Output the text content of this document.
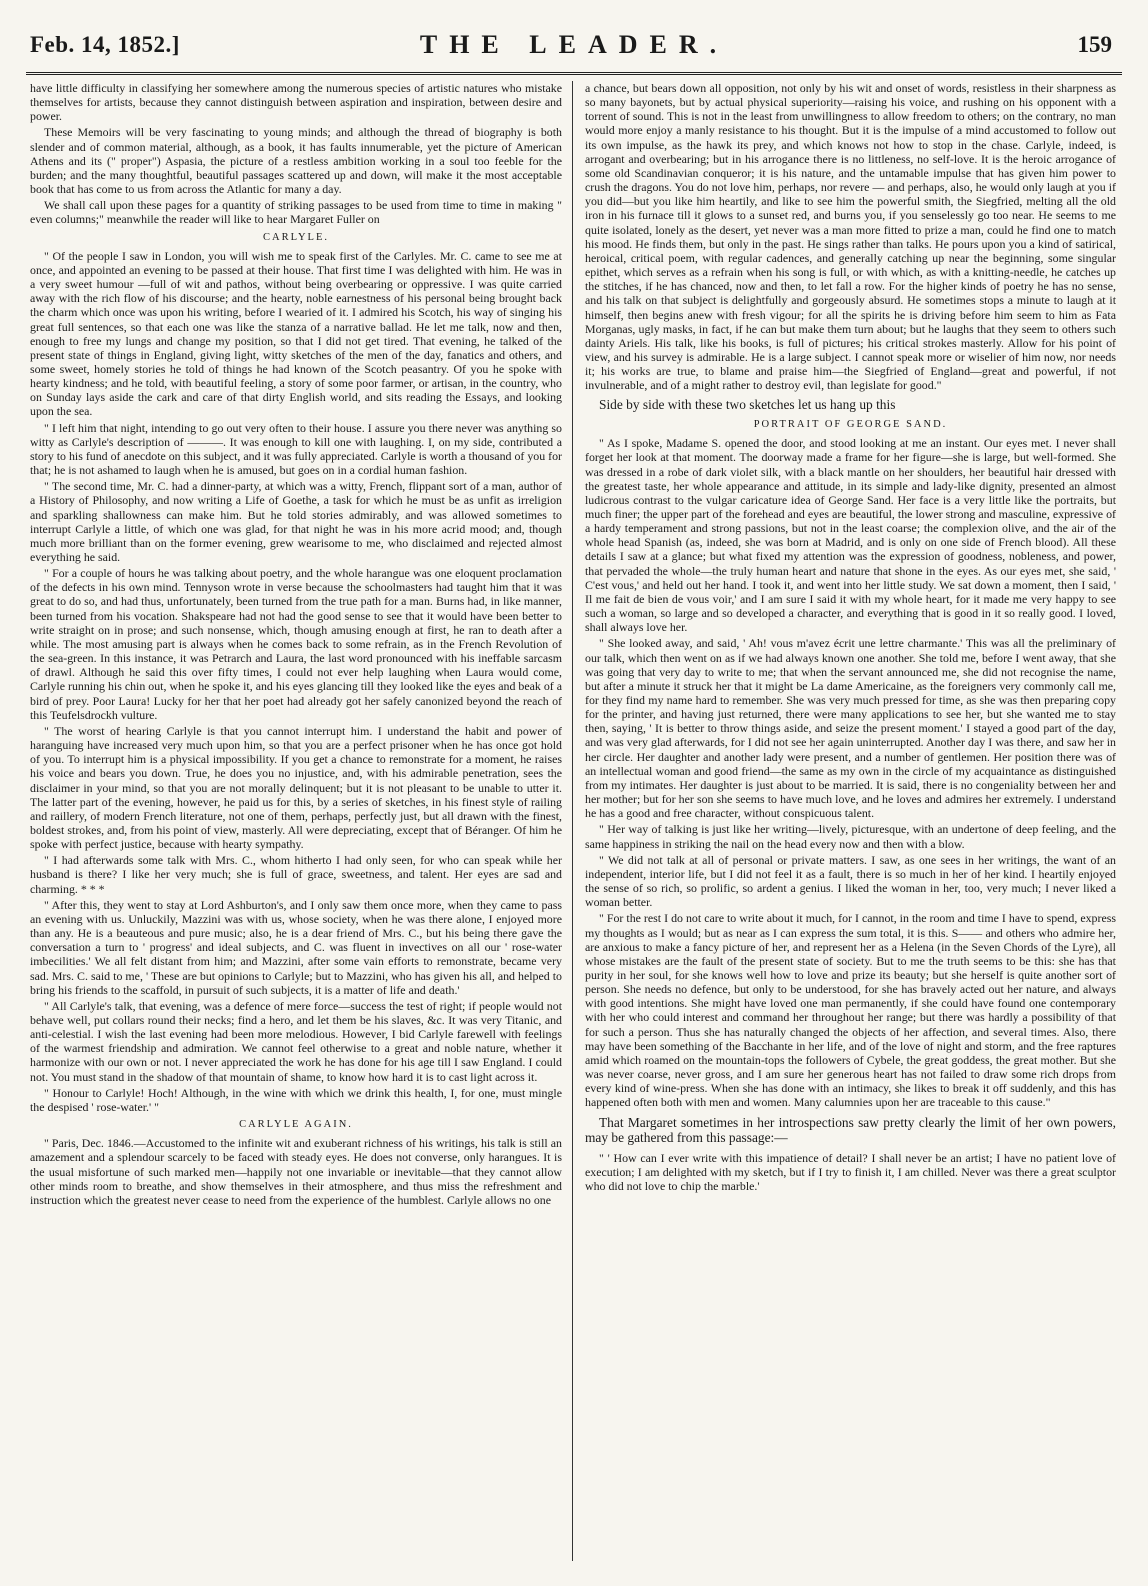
Feb. 14, 1852.]	THE LEADER.	159

have little difficulty in classifying her somewhere among the numerous species of artistic natures who mistake themselves for artists, because they cannot distinguish between aspiration and inspiration, between desire and power.

These Memoirs will be very fascinating to young minds; and although the thread of biography is both slender and of common material, although, as a book, it has faults innumerable, yet the picture of American Athens and its (" proper") Aspasia, the picture of a restless ambition working in a soul too feeble for the burden; and the many thoughtful, beautiful passages scattered up and down, will make it the most acceptable book that has come to us from across the Atlantic for many a day.

We shall call upon these pages for a quantity of striking passages to be used from time to time in making " even columns;" meanwhile the reader will like to hear Margaret Fuller on

CARLYLE.

" Of the people I saw in London, you will wish me to speak first of the Carlyles. Mr. C. came to see me at once, and appointed an evening to be passed at their house. That first time I was delighted with him. He was in a very sweet humour —full of wit and pathos, without being overbearing or oppressive. I was quite carried away with the rich flow of his discourse; and the hearty, noble earnestness of his personal being brought back the charm which once was upon his writing, before I wearied of it. I admired his Scotch, his way of singing his great full sentences, so that each one was like the stanza of a narrative ballad. He let me talk, now and then, enough to free my lungs and change my position, so that I did not get tired. That evening, he talked of the present state of things in England, giving light, witty sketches of the men of the day, fanatics and others, and some sweet, homely stories he told of things he had known of the Scotch peasantry. Of you he spoke with hearty kindness; and he told, with beautiful feeling, a story of some poor farmer, or artisan, in the country, who on Sunday lays aside the cark and care of that dirty English world, and sits reading the Essays, and looking upon the sea.

" I left him that night, intending to go out very often to their house. I assure you there never was anything so witty as Carlyle's description of ———. It was enough to kill one with laughing. I, on my side, contributed a story to his fund of anecdote on this subject, and it was fully appreciated. Carlyle is worth a thousand of you for that; he is not ashamed to laugh when he is amused, but goes on in a cordial human fashion.

" The second time, Mr. C. had a dinner-party, at which was a witty, French, flippant sort of a man, author of a History of Philosophy, and now writing a Life of Goethe, a task for which he must be as unfit as irreligion and sparkling shallowness can make him. But he told stories admirably, and was allowed sometimes to interrupt Carlyle a little, of which one was glad, for that night he was in his more acrid mood; and, though much more brilliant than on the former evening, grew wearisome to me, who disclaimed and rejected almost everything he said.

" For a couple of hours he was talking about poetry, and the whole harangue was one eloquent proclamation of the defects in his own mind. Tennyson wrote in verse because the schoolmasters had taught him that it was great to do so, and had thus, unfortunately, been turned from the true path for a man. Burns had, in like manner, been turned from his vocation. Shakspeare had not had the good sense to see that it would have been better to write straight on in prose; and such nonsense, which, though amusing enough at first, he ran to death after a while. The most amusing part is always when he comes back to some refrain, as in the French Revolution of the sea-green. In this instance, it was Petrarch and Laura, the last word pronounced with his ineffable sarcasm of drawl. Although he said this over fifty times, I could not ever help laughing when Laura would come, Carlyle running his chin out, when he spoke it, and his eyes glancing till they looked like the eyes and beak of a bird of prey. Poor Laura! Lucky for her that her poet had already got her safely canonized beyond the reach of this Teufelsdrockh vulture.

" The worst of hearing Carlyle is that you cannot interrupt him. I understand the habit and power of haranguing have increased very much upon him, so that you are a perfect prisoner when he has once got hold of you. To interrupt him is a physical impossibility. If you get a chance to remonstrate for a moment, he raises his voice and bears you down. True, he does you no injustice, and, with his admirable penetration, sees the disclaimer in your mind, so that you are not morally delinquent; but it is not pleasant to be unable to utter it. The latter part of the evening, however, he paid us for this, by a series of sketches, in his finest style of railing and raillery, of modern French literature, not one of them, perhaps, perfectly just, but all drawn with the finest, boldest strokes, and, from his point of view, masterly. All were depreciating, except that of Béranger. Of him he spoke with perfect justice, because with hearty sympathy.

" I had afterwards some talk with Mrs. C., whom hitherto I had only seen, for who can speak while her husband is there? I like her very much; she is full of grace, sweetness, and talent. Her eyes are sad and charming. * * *

" After this, they went to stay at Lord Ashburton's, and I only saw them once more, when they came to pass an evening with us. Unluckily, Mazzini was with us, whose society, when he was there alone, I enjoyed more than any. He is a beauteous and pure music; also, he is a dear friend of Mrs. C., but his being there gave the conversation a turn to ' progress' and ideal subjects, and C. was fluent in invectives on all our ' rose-water imbecilities.' We all felt distant from him; and Mazzini, after some vain efforts to remonstrate, became very sad. Mrs. C. said to me, ' These are but opinions to Carlyle; but to Mazzini, who has given his all, and helped to bring his friends to the scaffold, in pursuit of such subjects, it is a matter of life and death.'

" All Carlyle's talk, that evening, was a defence of mere force—success the test of right; if people would not behave well, put collars round their necks; find a hero, and let them be his slaves, &c. It was very Titanic, and anti-celestial. I wish the last evening had been more melodious. However, I bid Carlyle farewell with feelings of the warmest friendship and admiration. We cannot feel otherwise to a great and noble nature, whether it harmonize with our own or not. I never appreciated the work he has done for his age till I saw England. I could not. You must stand in the shadow of that mountain of shame, to know how hard it is to cast light across it.

" Honour to Carlyle! Hoch! Although, in the wine with which we drink this health, I, for one, must mingle the despised ' rose-water.' "

CARLYLE AGAIN.

" Paris, Dec. 1846.—Accustomed to the infinite wit and exuberant richness of his writings, his talk is still an amazement and a splendour scarcely to be faced with steady eyes. He does not converse, only harangues. It is the usual misfortune of such marked men—happily not one invariable or inevitable—that they cannot allow other minds room to breathe, and show themselves in their atmosphere, and thus miss the refreshment and instruction which the greatest never cease to need from the experience of the humblest. Carlyle allows no one

a chance, but bears down all opposition, not only by his wit and onset of words, resistless in their sharpness as so many bayonets, but by actual physical superiority—raising his voice, and rushing on his opponent with a torrent of sound. This is not in the least from unwillingness to allow freedom to others; on the contrary, no man would more enjoy a manly resistance to his thought. But it is the impulse of a mind accustomed to follow out its own impulse, as the hawk its prey, and which knows not how to stop in the chase. Carlyle, indeed, is arrogant and overbearing; but in his arrogance there is no littleness, no self-love. It is the heroic arrogance of some old Scandinavian conqueror; it is his nature, and the untamable impulse that has given him power to crush the dragons. You do not love him, perhaps, nor revere — and perhaps, also, he would only laugh at you if you did—but you like him heartily, and like to see him the powerful smith, the Siegfried, melting all the old iron in his furnace till it glows to a sunset red, and burns you, if you senselessly go too near. He seems to me quite isolated, lonely as the desert, yet never was a man more fitted to prize a man, could he find one to match his mood. He finds them, but only in the past. He sings rather than talks. He pours upon you a kind of satirical, heroical, critical poem, with regular cadences, and generally catching up near the beginning, some singular epithet, which serves as a refrain when his song is full, or with which, as with a knitting-needle, he catches up the stitches, if he has chanced, now and then, to let fall a row. For the higher kinds of poetry he has no sense, and his talk on that subject is delightfully and gorgeously absurd. He sometimes stops a minute to laugh at it himself, then begins anew with fresh vigour; for all the spirits he is driving before him seem to him as Fata Morganas, ugly masks, in fact, if he can but make them turn about; but he laughs that they seem to others such dainty Ariels. His talk, like his books, is full of pictures; his critical strokes masterly. Allow for his point of view, and his survey is admirable. He is a large subject. I cannot speak more or wiselier of him now, nor needs it; his works are true, to blame and praise him—the Siegfried of England—great and powerful, if not invulnerable, and of a might rather to destroy evil, than legislate for good."

Side by side with these two sketches let us hang up this

PORTRAIT OF GEORGE SAND.

" As I spoke, Madame S. opened the door, and stood looking at me an instant. Our eyes met. I never shall forget her look at that moment. The doorway made a frame for her figure—she is large, but well-formed. She was dressed in a robe of dark violet silk, with a black mantle on her shoulders, her beautiful hair dressed with the greatest taste, her whole appearance and attitude, in its simple and lady-like dignity, presented an almost ludicrous contrast to the vulgar caricature idea of George Sand. Her face is a very little like the portraits, but much finer; the upper part of the forehead and eyes are beautiful, the lower strong and masculine, expressive of a hardy temperament and strong passions, but not in the least coarse; the complexion olive, and the air of the whole head Spanish (as, indeed, she was born at Madrid, and is only on one side of French blood). All these details I saw at a glance; but what fixed my attention was the expression of goodness, nobleness, and power, that pervaded the whole—the truly human heart and nature that shone in the eyes. As our eyes met, she said, ' C'est vous,' and held out her hand. I took it, and went into her little study. We sat down a moment, then I said, ' Il me fait de bien de vous voir,' and I am sure I said it with my whole heart, for it made me very happy to see such a woman, so large and so developed a character, and everything that is good in it so really good. I loved, shall always love her.

" She looked away, and said, ' Ah! vous m'avez écrit une lettre charmante.' This was all the preliminary of our talk, which then went on as if we had always known one another. She told me, before I went away, that she was going that very day to write to me; that when the servant announced me, she did not recognise the name, but after a minute it struck her that it might be La dame Americaine, as the foreigners very commonly call me, for they find my name hard to remember. She was very much pressed for time, as she was then preparing copy for the printer, and having just returned, there were many applications to see her, but she wanted me to stay then, saying, ' It is better to throw things aside, and seize the present moment.' I stayed a good part of the day, and was very glad afterwards, for I did not see her again uninterrupted. Another day I was there, and saw her in her circle. Her daughter and another lady were present, and a number of gentlemen. Her position there was of an intellectual woman and good friend—the same as my own in the circle of my acquaintance as distinguished from my intimates. Her daughter is just about to be married. It is said, there is no congeniality between her and her mother; but for her son she seems to have much love, and he loves and admires her extremely. I understand he has a good and free character, without conspicuous talent.

" Her way of talking is just like her writing—lively, picturesque, with an undertone of deep feeling, and the same happiness in striking the nail on the head every now and then with a blow.

" We did not talk at all of personal or private matters. I saw, as one sees in her writings, the want of an independent, interior life, but I did not feel it as a fault, there is so much in her of her kind. I heartily enjoyed the sense of so rich, so prolific, so ardent a genius. I liked the woman in her, too, very much; I never liked a woman better.

" For the rest I do not care to write about it much, for I cannot, in the room and time I have to spend, express my thoughts as I would; but as near as I can express the sum total, it is this. S—— and others who admire her, are anxious to make a fancy picture of her, and represent her as a Helena (in the Seven Chords of the Lyre), all whose mistakes are the fault of the present state of society. But to me the truth seems to be this: she has that purity in her soul, for she knows well how to love and prize its beauty; but she herself is quite another sort of person. She needs no defence, but only to be understood, for she has bravely acted out her nature, and always with good intentions. She might have loved one man permanently, if she could have found one contemporary with her who could interest and command her throughout her range; but there was hardly a possibility of that for such a person. Thus she has naturally changed the objects of her affection, and several times. Also, there may have been something of the Bacchante in her life, and of the love of night and storm, and the free raptures amid which roamed on the mountain-tops the followers of Cybele, the great goddess, the great mother. But she was never coarse, never gross, and I am sure her generous heart has not failed to draw some rich drops from every kind of wine-press. When she has done with an intimacy, she likes to break it off suddenly, and this has happened often both with men and women. Many calumnies upon her are traceable to this cause."

That Margaret sometimes in her introspections saw pretty clearly the limit of her own powers, may be gathered from this passage:—

" ' How can I ever write with this impatience of detail? I shall never be an artist; I have no patient love of execution; I am delighted with my sketch, but if I try to finish it, I am chilled. Never was there a great sculptor who did not love to chip the marble.'
